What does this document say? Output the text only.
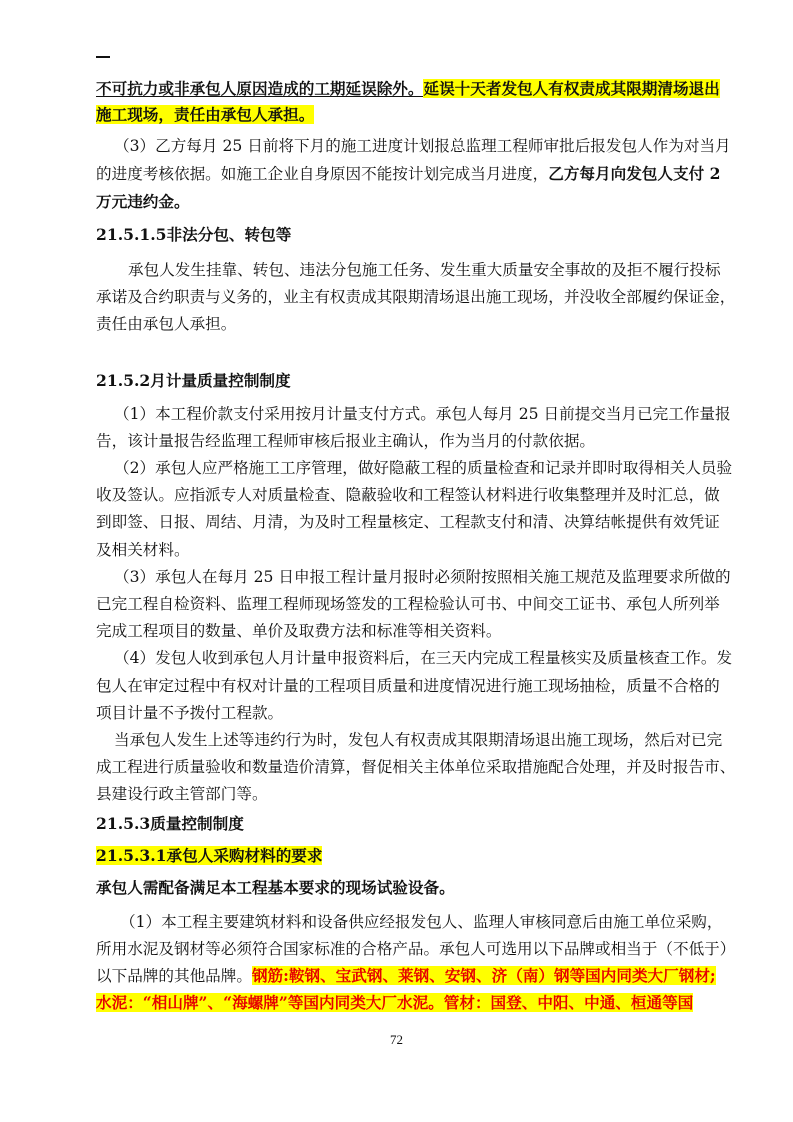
不可抗力或非承包人原因造成的工期延误除外。延误十天者发包人有权责成其限期清场退出
施工现场，责任由承包人承担。
（3）乙方每月 25 日前将下月的施工进度计划报总监理工程师审批后报发包人作为对当月
的进度考核依据。如施工企业自身原因不能按计划完成当月进度，乙方每月向发包人支付 2
万元违约金。
21.5.1.5非法分包、转包等
承包人发生挂靠、转包、违法分包施工任务、发生重大质量安全事故的及拒不履行投标
承诺及合约职责与义务的，业主有权责成其限期清场退出施工现场，并没收全部履约保证金，
责任由承包人承担。
21.5.2月计量质量控制制度
（1）本工程价款支付采用按月计量支付方式。承包人每月 25 日前提交当月已完工作量报
告，该计量报告经监理工程师审核后报业主确认，作为当月的付款依据。
（2）承包人应严格施工工序管理，做好隐蔽工程的质量检查和记录并即时取得相关人员验
收及签认。应指派专人对质量检查、隐蔽验收和工程签认材料进行收集整理并及时汇总，做
到即签、日报、周结、月清，为及时工程量核定、工程款支付和清、决算结帐提供有效凭证
及相关材料。
（3）承包人在每月 25 日申报工程计量月报时必须附按照相关施工规范及监理要求所做的
已完工程自检资料、监理工程师现场签发的工程检验认可书、中间交工证书、承包人所列举
完成工程项目的数量、单价及取费方法和标准等相关资料。
（4）发包人收到承包人月计量申报资料后，在三天内完成工程量核实及质量核查工作。发
包人在审定过程中有权对计量的工程项目质量和进度情况进行施工现场抽检，质量不合格的
项目计量不予拨付工程款。
当承包人发生上述等违约行为时，发包人有权责成其限期清场退出施工现场，然后对已完
成工程进行质量验收和数量造价清算，督促相关主体单位采取措施配合处理，并及时报告市、
县建设行政主管部门等。
21.5.3质量控制制度
21.5.3.1承包人采购材料的要求
承包人需配备满足本工程基本要求的现场试验设备。
（1）本工程主要建筑材料和设备供应经报发包人、监理人审核同意后由施工单位采购，
所用水泥及钢材等必须符合国家标准的合格产品。承包人可选用以下品牌或相当于（不低于）
以下品牌的其他品牌。钢筋:鞍钢、宝武钢、莱钢、安钢、济（南）钢等国内同类大厂钢材;
水泥：“相山牌”、“海螺牌”等国内同类大厂水泥。管材：国登、中阳、中通、桓通等国
72
